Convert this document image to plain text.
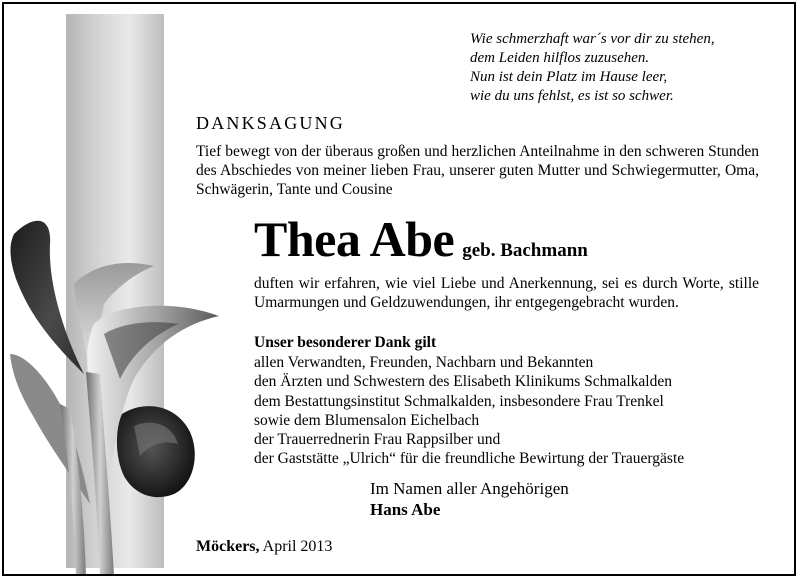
Wie schmerzhaft war´s vor dir zu stehen,
dem Leiden hilflos zuzusehen.
Nun ist dein Platz im Hause leer,
wie du uns fehlst, es ist so schwer.
DANKSAGUNG
Tief bewegt von der überaus großen und herzlichen Anteilnahme in den schweren Stunden des Abschiedes von meiner lieben Frau, unserer guten Mutter und Schwiegermutter, Oma, Schwägerin, Tante und Cousine
Thea Abe geb. Bachmann
duften wir erfahren, wie viel Liebe und Anerkennung, sei es durch Worte, stille Umarmungen und Geldzuwendungen, ihr entgegengebracht wurden.
Unser besonderer Dank gilt
allen Verwandten, Freunden, Nachbarn und Bekannten
den Ärzten und Schwestern des Elisabeth Klinikums Schmalkalden
dem Bestattungsinstitut Schmalkalden, insbesondere Frau Trenkel
sowie dem Blumensalon Eichelbach
der Trauerrednerin Frau Rappsilber und
der Gaststätte „Ulrich“ für die freundliche Bewirtung der Trauergäste
Im Namen aller Angehörigen
Hans Abe
Möckers, April 2013
